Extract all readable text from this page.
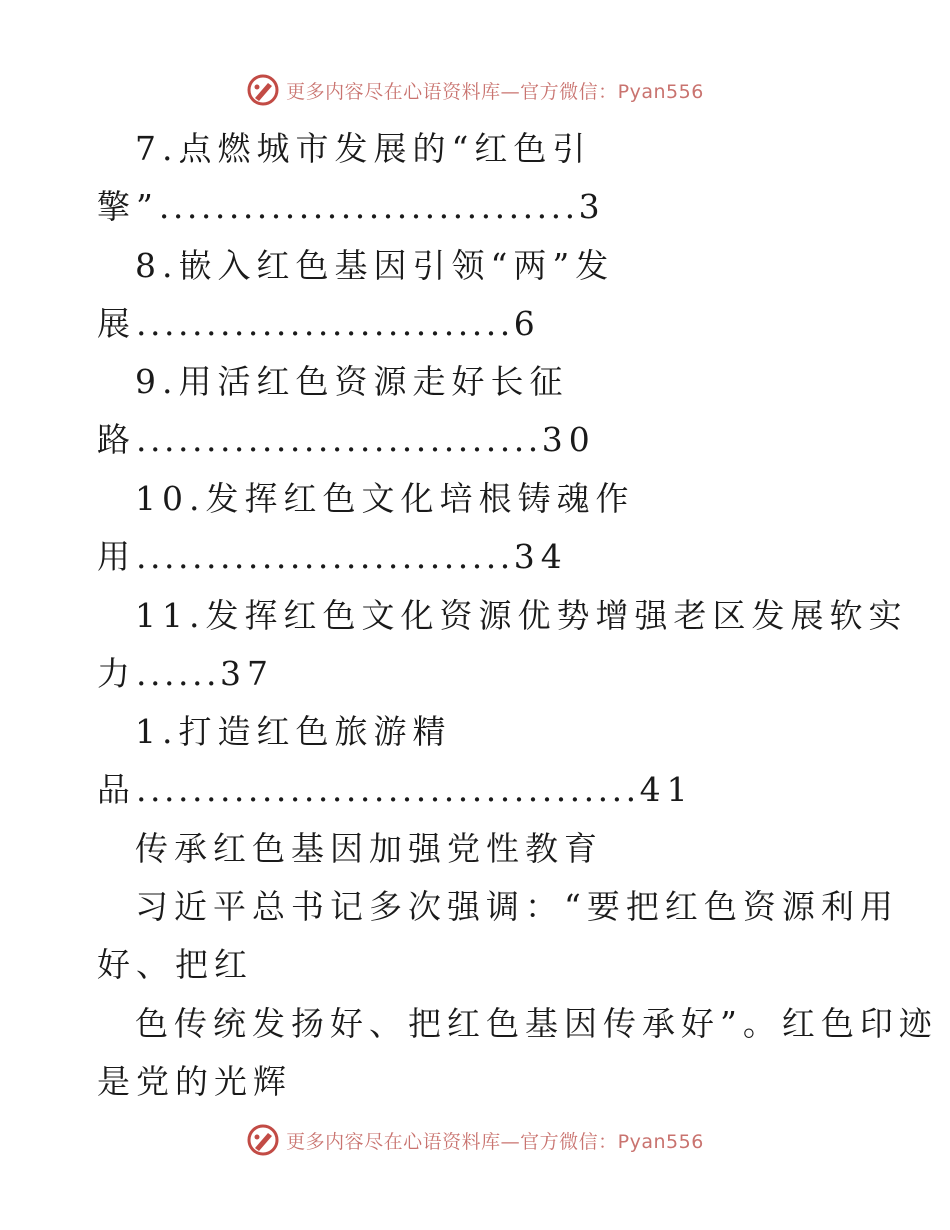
更多内容尽在心语资料库—官方微信：Pyan556
7.点燃城市发展的“红色引
擎”..............................3
8.嵌入红色基因引领“两”发
展...........................6
9.用活红色资源走好长征
路.............................30
10.发挥红色文化培根铸魂作
用...........................34
11.发挥红色文化资源优势增强老区发展软实
力......37
1.打造红色旅游精
品....................................41
传承红色基因加强党性教育
习近平总书记多次强调：“要把红色资源利用
好、把红
色传统发扬好、把红色基因传承好”。红色印迹
是党的光辉
更多内容尽在心语资料库—官方微信：Pyan556
